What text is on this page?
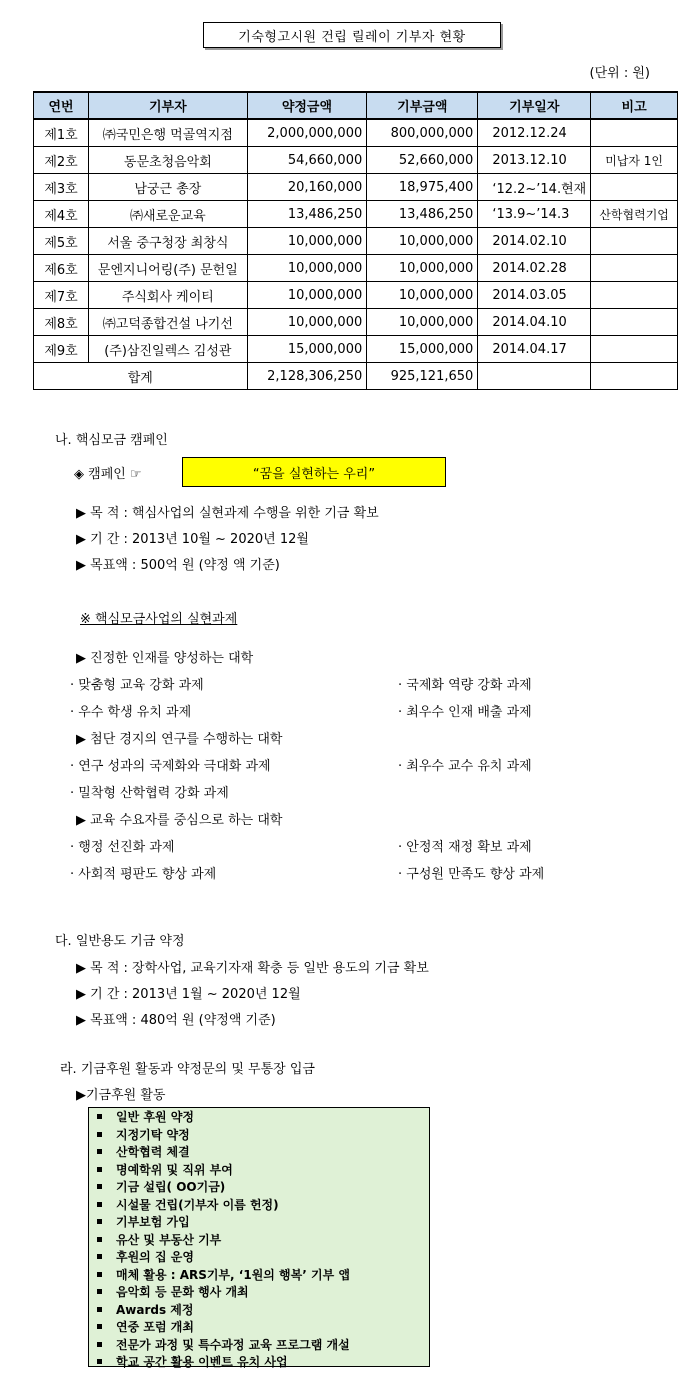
기숙형고시원 건립 릴레이 기부자 현황
(단위 : 원)
연번	기부자	약정금액	기부금액	기부일자	비고
제1호	㈜국민은행 먹골역지점	2,000,000,000	800,000,000	2012.12.24	
제2호	동문초청음악회	54,660,000	52,660,000	2013.12.10	미납자 1인
제3호	남궁근 총장	20,160,000	18,975,400	‘12.2~’14.현재	
제4호	㈜새로운교육	13,486,250	13,486,250	‘13.9~’14.3	산학협력기업
제5호	서울 중구청장 최창식	10,000,000	10,000,000	2014.02.10	
제6호	문엔지니어링(주) 문헌일	10,000,000	10,000,000	2014.02.28	
제7호	주식회사 케이티	10,000,000	10,000,000	2014.03.05	
제8호	㈜고덕종합건설 나기선	10,000,000	10,000,000	2014.04.10	
제9호	(주)삼진일렉스 김성관	15,000,000	15,000,000	2014.04.17	
합계		2,128,306,250	925,121,650		
나. 핵심모금 캠페인
◈ 캠페인 ☞	“꿈을 실현하는 우리”
▶ 목 적 : 핵심사업의 실현과제 수행을 위한 기금 확보
▶ 기 간 : 2013년 10월 ~ 2020년 12월
▶ 목표액 : 500억 원 (약정 액 기준)
※ 핵심모금사업의 실현과제
▶ 진정한 인재를 양성하는 대학
· 맞춤형 교육 강화 과제	· 국제화 역량 강화 과제
· 우수 학생 유치 과제	· 최우수 인재 배출 과제
▶ 첨단 경지의 연구를 수행하는 대학
· 연구 성과의 국제화와 극대화 과제	· 최우수 교수 유치 과제
· 밀착형 산학협력 강화 과제
▶ 교육 수요자를 중심으로 하는 대학
· 행정 선진화 과제	· 안정적 재정 확보 과제
· 사회적 평판도 향상 과제	· 구성원 만족도 향상 과제
다. 일반용도 기금 약정
▶ 목 적 : 장학사업, 교육기자재 확충 등 일반 용도의 기금 확보
▶ 기 간 : 2013년 1월 ~ 2020년 12월
▶ 목표액 : 480억 원 (약정액 기준)
라. 기금후원 활동과 약정문의 및 무통장 입금
▶기금후원 활동
일반 후원 약정
지정기탁 약정
산학협력 체결
명예학위 및 직위 부여
기금 설립( OO기금)
시설물 건립(기부자 이름 헌정)
기부보험 가입
유산 및 부동산 기부
후원의 집 운영
매체 활용 : ARS기부, ‘1원의 행복’ 기부 앱
음악회 등 문화 행사 개최
Awards 제정
연중 포럼 개최
전문가 과정 및 특수과정 교육 프로그램 개설
학교 공간 활용 이벤트 유치 사업
